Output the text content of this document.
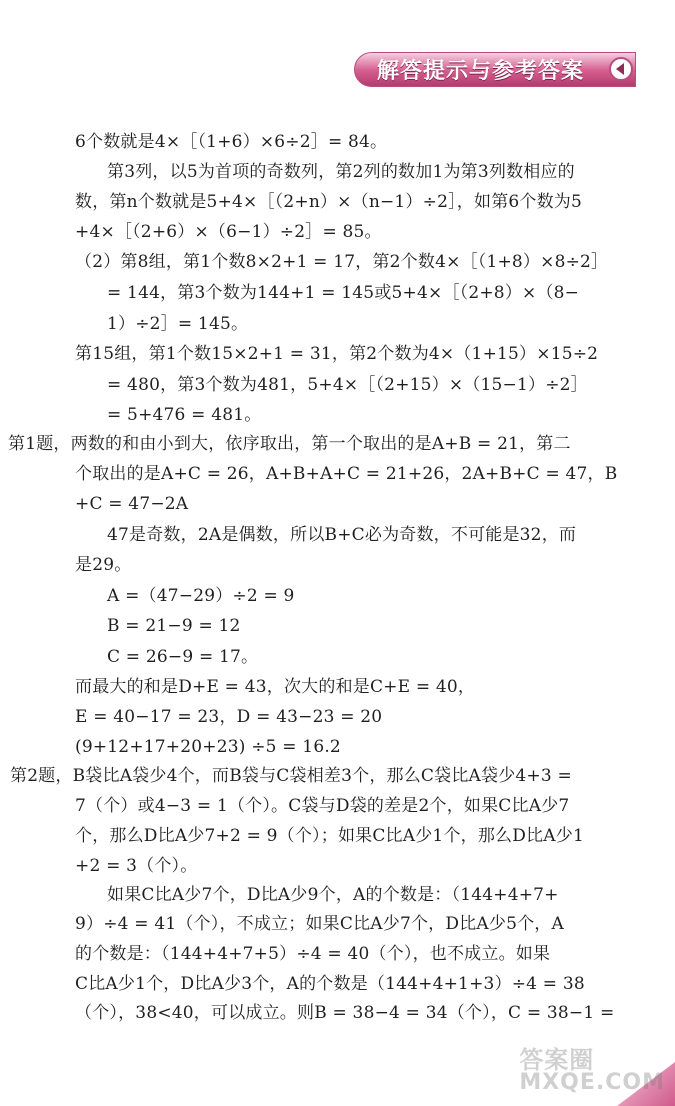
解答提示与参考答案
6个数就是4×［（1+6）×6÷2］= 84。
第3列，以5为首项的奇数列，第2列的数加1为第3列数相应的
数，第n个数就是5+4×［（2+n）×（n−1）÷2］，如第6个数为5
+4×［（2+6）×（6−1）÷2］= 85。
（2）第8组，第1个数8×2+1 = 17，第2个数4×［（1+8）×8÷2］
= 144，第3个数为144+1 = 145或5+4×［（2+8）×（8−
1）÷2］= 145。
第15组，第1个数15×2+1 = 31，第2个数为4×（1+15）×15÷2
= 480，第3个数为481，5+4×［（2+15）×（15−1）÷2］
= 5+476 = 481。
第1题，两数的和由小到大，依序取出，第一个取出的是A+B = 21，第二
个取出的是A+C = 26，A+B+A+C = 21+26，2A+B+C = 47，B
+C = 47−2A
47是奇数，2A是偶数，所以B+C必为奇数，不可能是32，而
是29。
A =（47−29）÷2 = 9
B = 21−9 = 12
C = 26−9 = 17。
而最大的和是D+E = 43，次大的和是C+E = 40，
E = 40−17 = 23，D = 43−23 = 20
(9+12+17+20+23) ÷5 = 16.2
第2题，B袋比A袋少4个，而B袋与C袋相差3个，那么C袋比A袋少4+3 =
7（个）或4−3 = 1（个）。C袋与D袋的差是2个，如果C比A少7
个，那么D比A少7+2 = 9（个）；如果C比A少1个，那么D比A少1
+2 = 3（个）。
如果C比A少7个，D比A少9个，A的个数是：（144+4+7+
9）÷4 = 41（个），不成立；如果C比A少7个，D比A少5个，A
的个数是：（144+4+7+5）÷4 = 40（个），也不成立。如果
C比A少1个，D比A少3个，A的个数是（144+4+1+3）÷4 = 38
（个），38<40，可以成立。则B = 38−4 = 34（个），C = 38−1 =
答案圈
MXQE.COM
